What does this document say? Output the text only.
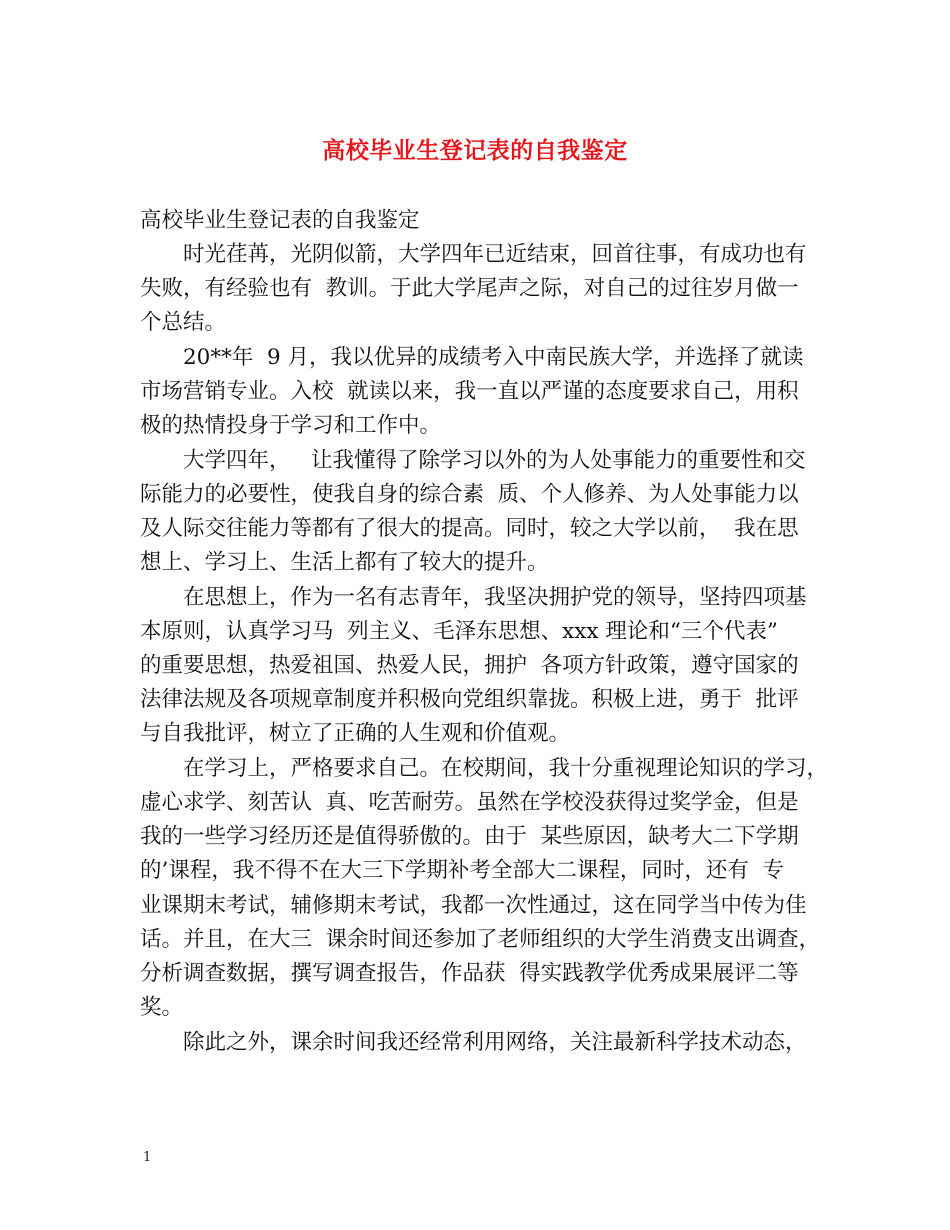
高校毕业生登记表的自我鉴定
高校毕业生登记表的自我鉴定
时光荏苒，光阴似箭，大学四年已近结束，回首往事，有成功也有
失败，有经验也有  教训。于此大学尾声之际，对自己的过往岁月做一
个总结。
20**年  9 月，我以优异的成绩考入中南民族大学，并选择了就读
市场营销专业。入校  就读以来，我一直以严谨的态度要求自己，用积
极的热情投身于学习和工作中。
大学四年，   让我懂得了除学习以外的为人处事能力的重要性和交
际能力的必要性，使我自身的综合素  质、个人修养、为人处事能力以
及人际交往能力等都有了很大的提高。同时，较之大学以前，  我在思
想上、学习上、生活上都有了较大的提升。
在思想上，作为一名有志青年，我坚决拥护党的领导，坚持四项基
本原则，认真学习马  列主义、毛泽东思想、xxx 理论和“三个代表”
的重要思想，热爱祖国、热爱人民，拥护  各项方针政策，遵守国家的
法律法规及各项规章制度并积极向党组织靠拢。积极上进，勇于  批评
与自我批评，树立了正确的人生观和价值观。
在学习上，严格要求自己。在校期间，我十分重视理论知识的学习，
虚心求学、刻苦认  真、吃苦耐劳。虽然在学校没获得过奖学金，但是
我的一些学习经历还是值得骄傲的。由于  某些原因，缺考大二下学期
的’课程，我不得不在大三下学期补考全部大二课程，同时，还有  专
业课期末考试，辅修期末考试，我都一次性通过，这在同学当中传为佳
话。并且，在大三  课余时间还参加了老师组织的大学生消费支出调查，
分析调查数据，撰写调查报告，作品获  得实践教学优秀成果展评二等
奖。
除此之外，课余时间我还经常利用网络，关注最新科学技术动态，
1
